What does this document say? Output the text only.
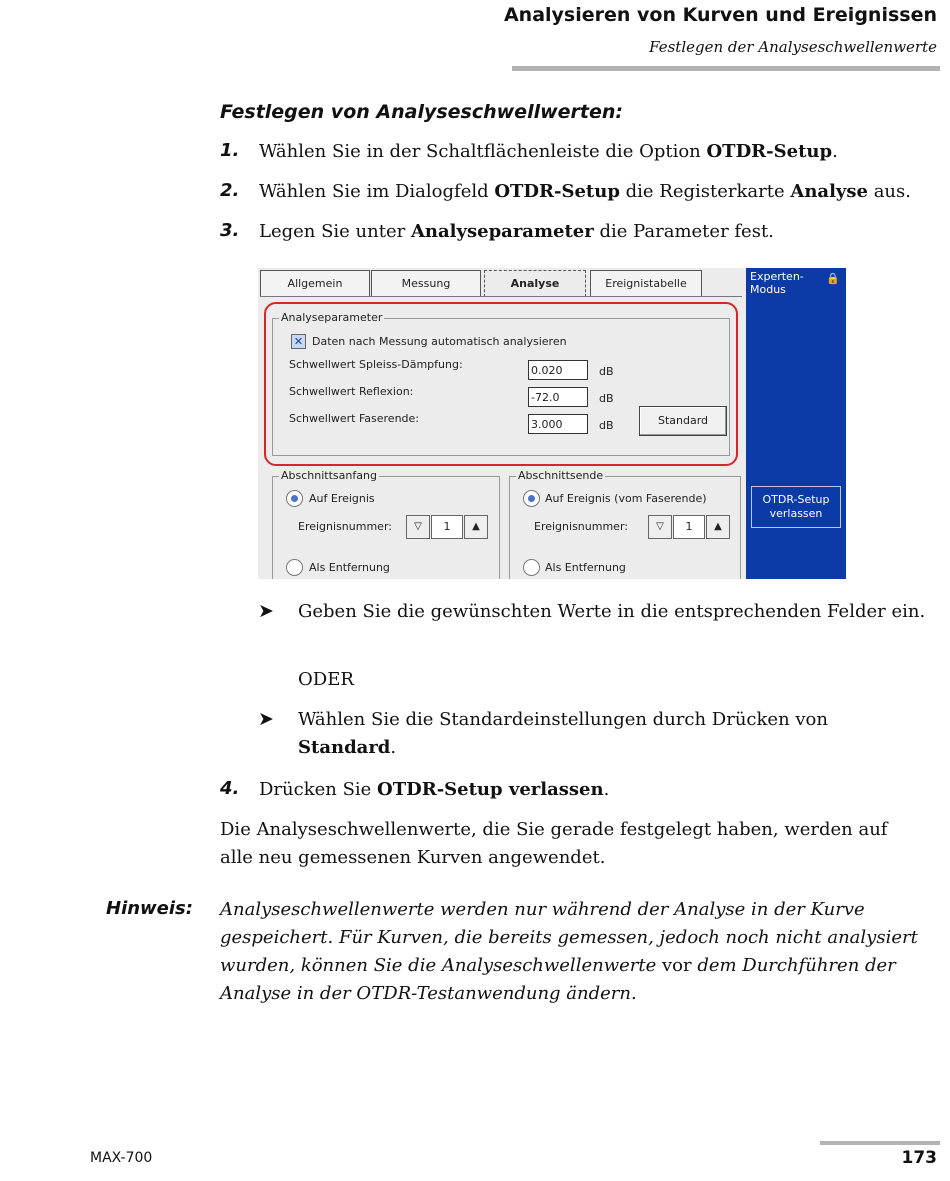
Analysieren von Kurven und Ereignissen
Festlegen der Analyseschwellenwerte
Festlegen von Analyseschwellwerten:
1. Wählen Sie in der Schaltflächenleiste die Option OTDR-Setup.
2. Wählen Sie im Dialogfeld OTDR-Setup die Registerkarte Analyse aus.
3. Legen Sie unter Analyseparameter die Parameter fest.
Allgemein	Messung	Analyse	Ereignistabelle
Analyseparameter
✕ Daten nach Messung automatisch analysieren
Schwellwert Spleiss-Dämpfung:	0.020	dB
Schwellwert Reflexion:	-72.0	dB
Schwellwert Faserende:	3.000	dB	Standard
Abschnittsanfang
Auf Ereignis
Ereignisnummer:	▽	1	▲
Als Entfernung
Abschnittsende
Auf Ereignis (vom Faserende)
Ereignisnummer:	▽	1	▲
Als Entfernung
Experten-
Modus
🔒
OTDR-Setup
verlassen
➤ Geben Sie die gewünschten Werte in die entsprechenden Felder ein.
ODER
➤ Wählen Sie die Standardeinstellungen durch Drücken von Standard.
4. Drücken Sie OTDR-Setup verlassen.
Die Analyseschwellenwerte, die Sie gerade festgelegt haben, werden auf alle neu gemessenen Kurven angewendet.
Hinweis: Analyseschwellenwerte werden nur während der Analyse in der Kurve gespeichert. Für Kurven, die bereits gemessen, jedoch noch nicht analysiert wurden, können Sie die Analyseschwellenwerte vor dem Durchführen der Analyse in der OTDR-Testanwendung ändern.
MAX-700	173
